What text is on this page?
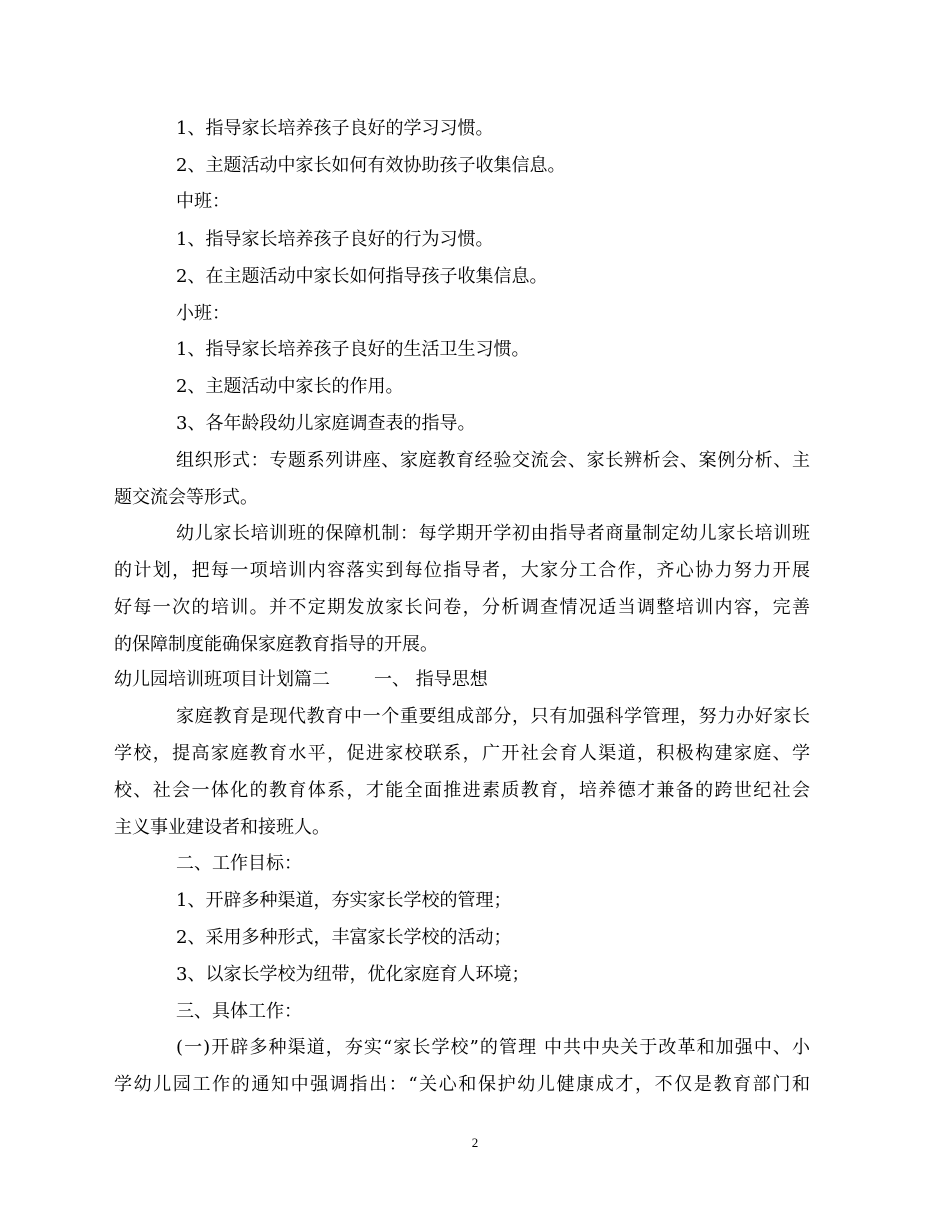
1、指导家长培养孩子良好的学习习惯。
2、主题活动中家长如何有效协助孩子收集信息。
中班：
1、指导家长培养孩子良好的行为习惯。
2、在主题活动中家长如何指导孩子收集信息。
小班：
1、指导家长培养孩子良好的生活卫生习惯。
2、主题活动中家长的作用。
3、各年龄段幼儿家庭调查表的指导。
组织形式：专题系列讲座、家庭教育经验交流会、家长辨析会、案例分析、主
题交流会等形式。
幼儿家长培训班的保障机制：每学期开学初由指导者商量制定幼儿家长培训班
的计划，把每一项培训内容落实到每位指导者，大家分工合作，齐心协力努力开展
好每一次的培训。并不定期发放家长问卷，分析调查情况适当调整培训内容，完善
的保障制度能确保家庭教育指导的开展。
幼儿园培训班项目计划篇二 一、 指导思想
家庭教育是现代教育中一个重要组成部分，只有加强科学管理，努力办好家长
学校，提高家庭教育水平，促进家校联系，广开社会育人渠道，积极构建家庭、学
校、社会一体化的教育体系，才能全面推进素质教育，培养德才兼备的跨世纪社会
主义事业建设者和接班人。
二、工作目标：
1、开辟多种渠道，夯实家长学校的管理；
2、采用多种形式，丰富家长学校的活动；
3、以家长学校为纽带，优化家庭育人环境；
三、具体工作：
(一)开辟多种渠道，夯实“家长学校”的管理 中共中央关于改革和加强中、小
学幼儿园工作的通知中强调指出：“关心和保护幼儿健康成才，不仅是教育部门和
2
